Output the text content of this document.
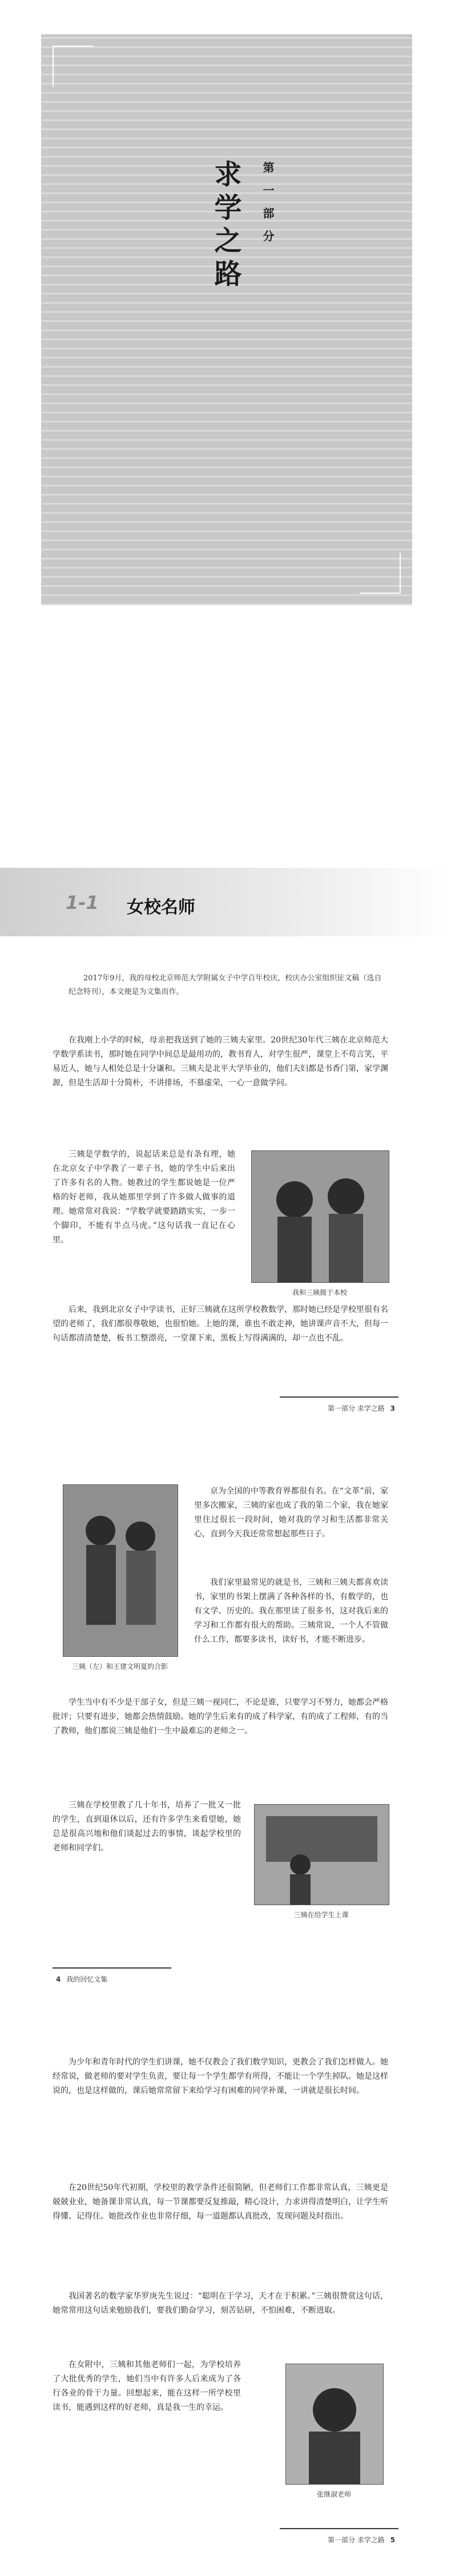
求学之路	第一部分
1-1 女校名师

2017年9月，我的母校北京师范大学附属女子中学百年校庆，校庆办公室组织征文稿（选自纪念特刊），本文便是为文集而作。

在我刚上小学的时候，母亲把我送到了她的三姨夫家里。20世纪30年代三姨在北京师范大学数学系读书，那时她在同学中间总是最用功的，教书育人，对学生很严，课堂上不苟言笑，平易近人，她与人相处总是十分谦和。三姨夫是北平大学毕业的，他们夫妇都是书香门第，家学渊源，但是生活却十分简朴，不讲排场，不慕虚荣，一心一意做学问。

三姨是学数学的，说起话来总是有条有理，她在北京女子中学教了一辈子书，她的学生中后来出了许多有名的人物。她教过的学生都说她是一位严格的好老师，我从她那里学到了许多做人做事的道理。她常常对我说：“学数学就要踏踏实实，一步一个脚印，不能有半点马虎。”这句话我一直记在心里。

后来，我到北京女子中学读书，正好三姨就在这所学校教数学，那时她已经是学校里很有名望的老师了，我们都很尊敬她，也很怕她。上她的课，谁也不敢走神，她讲课声音不大，但每一句话都清清楚楚，板书工整漂亮，一堂课下来，黑板上写得满满的，却一点也不乱。

我和三姨摄于本校
第一部分 求学之路 3
三姨（左）和王建文明夏的合影

京为全国的中等教育界都很有名。在“文革”前，家里多次搬家，三姨的家也成了我的第二个家，我在她家里住过很长一段时间，她对我的学习和生活都非常关心，直到今天我还常常想起那些日子。

我们家里最常见的就是书，三姨和三姨夫都喜欢读书，家里的书架上摆满了各种各样的书，有数学的，也有文学、历史的。我在那里读了很多书，这对我后来的学习和工作都有很大的帮助。三姨常说，一个人不管做什么工作，都要多读书，读好书，才能不断进步。

学生当中有不少是干部子女，但是三姨一视同仁，不论是谁，只要学习不努力，她都会严格批评；只要有进步，她都会热情鼓励。她的学生后来有的成了科学家，有的成了工程师，有的当了教师，他们都说三姨是他们一生中最难忘的老师之一。

三姨在学校里教了几十年书，培养了一批又一批的学生，直到退休以后，还有许多学生来看望她，她总是很高兴地和他们谈起过去的事情，谈起学校里的老师和同学们。

三姨在给学生上课
4 我的回忆文集

为少年和青年时代的学生们讲课，她不仅教会了我们数学知识，更教会了我们怎样做人。她经常说，做老师的要对学生负责，要让每一个学生都学有所得，不能让一个学生掉队。她是这样说的，也是这样做的，课后她常常留下来给学习有困难的同学补课，一讲就是很长时间。

在20世纪50年代初期，学校里的教学条件还很简陋，但老师们工作都非常认真，三姨更是兢兢业业，她备课非常认真，每一节课都要反复推敲，精心设计，力求讲得清楚明白，让学生听得懂、记得住。她批改作业也非常仔细，每一道题都认真批改，发现问题及时指出。

我国著名的数学家华罗庚先生说过：“聪明在于学习，天才在于积累。”三姨很赞赏这句话，她常常用这句话来勉励我们，要我们勤奋学习，刻苦钻研，不怕困难，不断进取。

在女附中，三姨和其他老师们一起，为学校培养了大批优秀的学生，她们当中有许多人后来成为了各行各业的骨干力量。回想起来，能在这样一所学校里读书，能遇到这样的好老师，真是我一生的幸运。

张继淑老师
第一部分 求学之路 5
